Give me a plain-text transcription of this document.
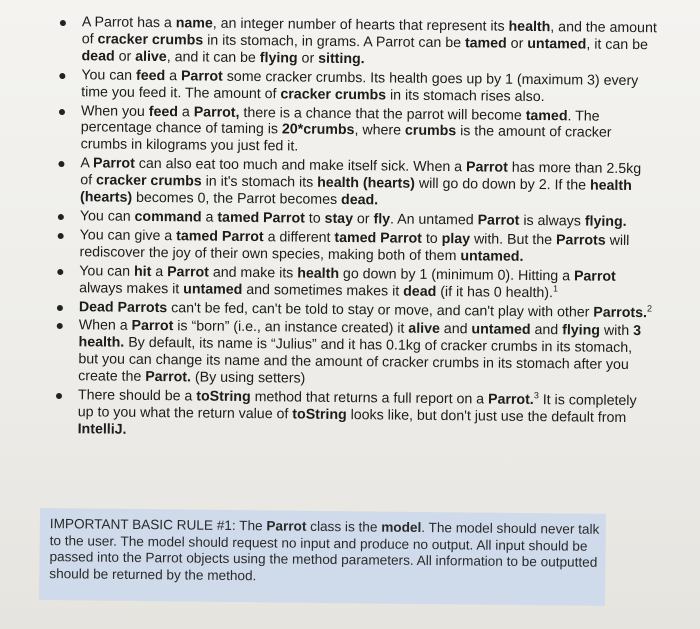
A Parrot has a name, an integer number of hearts that represent its health, and the amount of cracker crumbs in its stomach, in grams. A Parrot can be tamed or untamed, it can be dead or alive, and it can be flying or sitting.
You can feed a Parrot some cracker crumbs. Its health goes up by 1 (maximum 3) every time you feed it. The amount of cracker crumbs in its stomach rises also.
When you feed a Parrot, there is a chance that the parrot will become tamed. The percentage chance of taming is 20*crumbs, where crumbs is the amount of cracker crumbs in kilograms you just fed it.
A Parrot can also eat too much and make itself sick. When a Parrot has more than 2.5kg of cracker crumbs in it's stomach its health (hearts) will go do down by 2. If the health (hearts) becomes 0, the Parrot becomes dead.
You can command a tamed Parrot to stay or fly. An untamed Parrot is always flying.
You can give a tamed Parrot a different tamed Parrot to play with. But the Parrots will rediscover the joy of their own species, making both of them untamed.
You can hit a Parrot and make its health go down by 1 (minimum 0). Hitting a Parrot always makes it untamed and sometimes makes it dead (if it has 0 health).$^1$
Dead Parrots can't be fed, can't be told to stay or move, and can't play with other Parrots.$^2$
When a Parrot is “born” (i.e., an instance created) it alive and untamed and flying with 3 health. By default, its name is “Julius” and it has 0.1kg of cracker crumbs in its stomach, but you can change its name and the amount of cracker crumbs in its stomach after you create the Parrot. (By using setters)
There should be a toString method that returns a full report on a Parrot.$^3$ It is completely up to you what the return value of toString looks like, but don't just use the default from IntelliJ.
IMPORTANT BASIC RULE #1: The Parrot class is the model. The model should never talk to the user. The model should request no input and produce no output. All input should be passed into the Parrot objects using the method parameters. All information to be outputted should be returned by the method.
